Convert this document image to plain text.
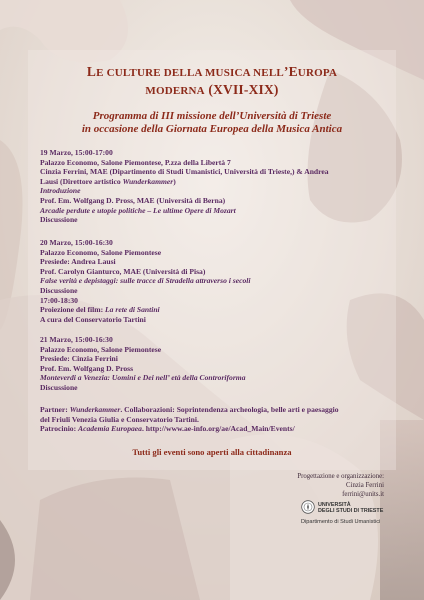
LE CULTURE DELLA MUSICA NELL’EUROPA
MODERNA (XVII-XIX)
Programma di III missione dell’Università di Trieste
in occasione della Giornata Europea della Musica Antica
19 Marzo, 15:00-17:00
Palazzo Economo, Salone Piemontese, P.zza della Libertà 7
Cinzia Ferrini, MAE (Dipartimento di Studi Umanistici, Università di Trieste,) & Andrea
Lausi (Direttore artistico Wunderkammer)
Introduzione
Prof. Em. Wolfgang D. Pross, MAE (Università di Berna)
Arcadie perdute e utopie politiche – Le ultime Opere di Mozart
Discussione
20 Marzo, 15:00-16:30
Palazzo Economo, Salone Piemontese
Presiede: Andrea Lausi
Prof. Carolyn Gianturco, MAE (Università di Pisa)
False verità e depistaggi: sulle tracce di Stradella attraverso i secoli
Discussione
17:00-18:30
Proiezione del film: La rete di Santini
A cura del Conservatorio Tartini
21 Marzo, 15:00-16:30
Palazzo Economo, Salone Piemontese
Presiede: Cinzia Ferrini
Prof. Em. Wolfgang D. Pross
Monteverdi a Venezia: Uomini e Dei nell’ età della Controriforma
Discussione
Partner: Wunderkammer. Collaborazioni: Soprintendenza archeologia, belle arti e paesaggio
del Friuli Venezia Giulia e Conservatorio Tartini.
Patrocinio: Academia Europaea. http://www.ae-info.org/ae/Acad_Main/Events/
Tutti gli eventi sono aperti alla cittadinanza
Progettazione e organizzazione:
Cinzia Ferrini
ferrini@units.it
UNIVERSITÀ
DEGLI STUDI DI TRIESTE
Dipartimento di Studi Umanistici
